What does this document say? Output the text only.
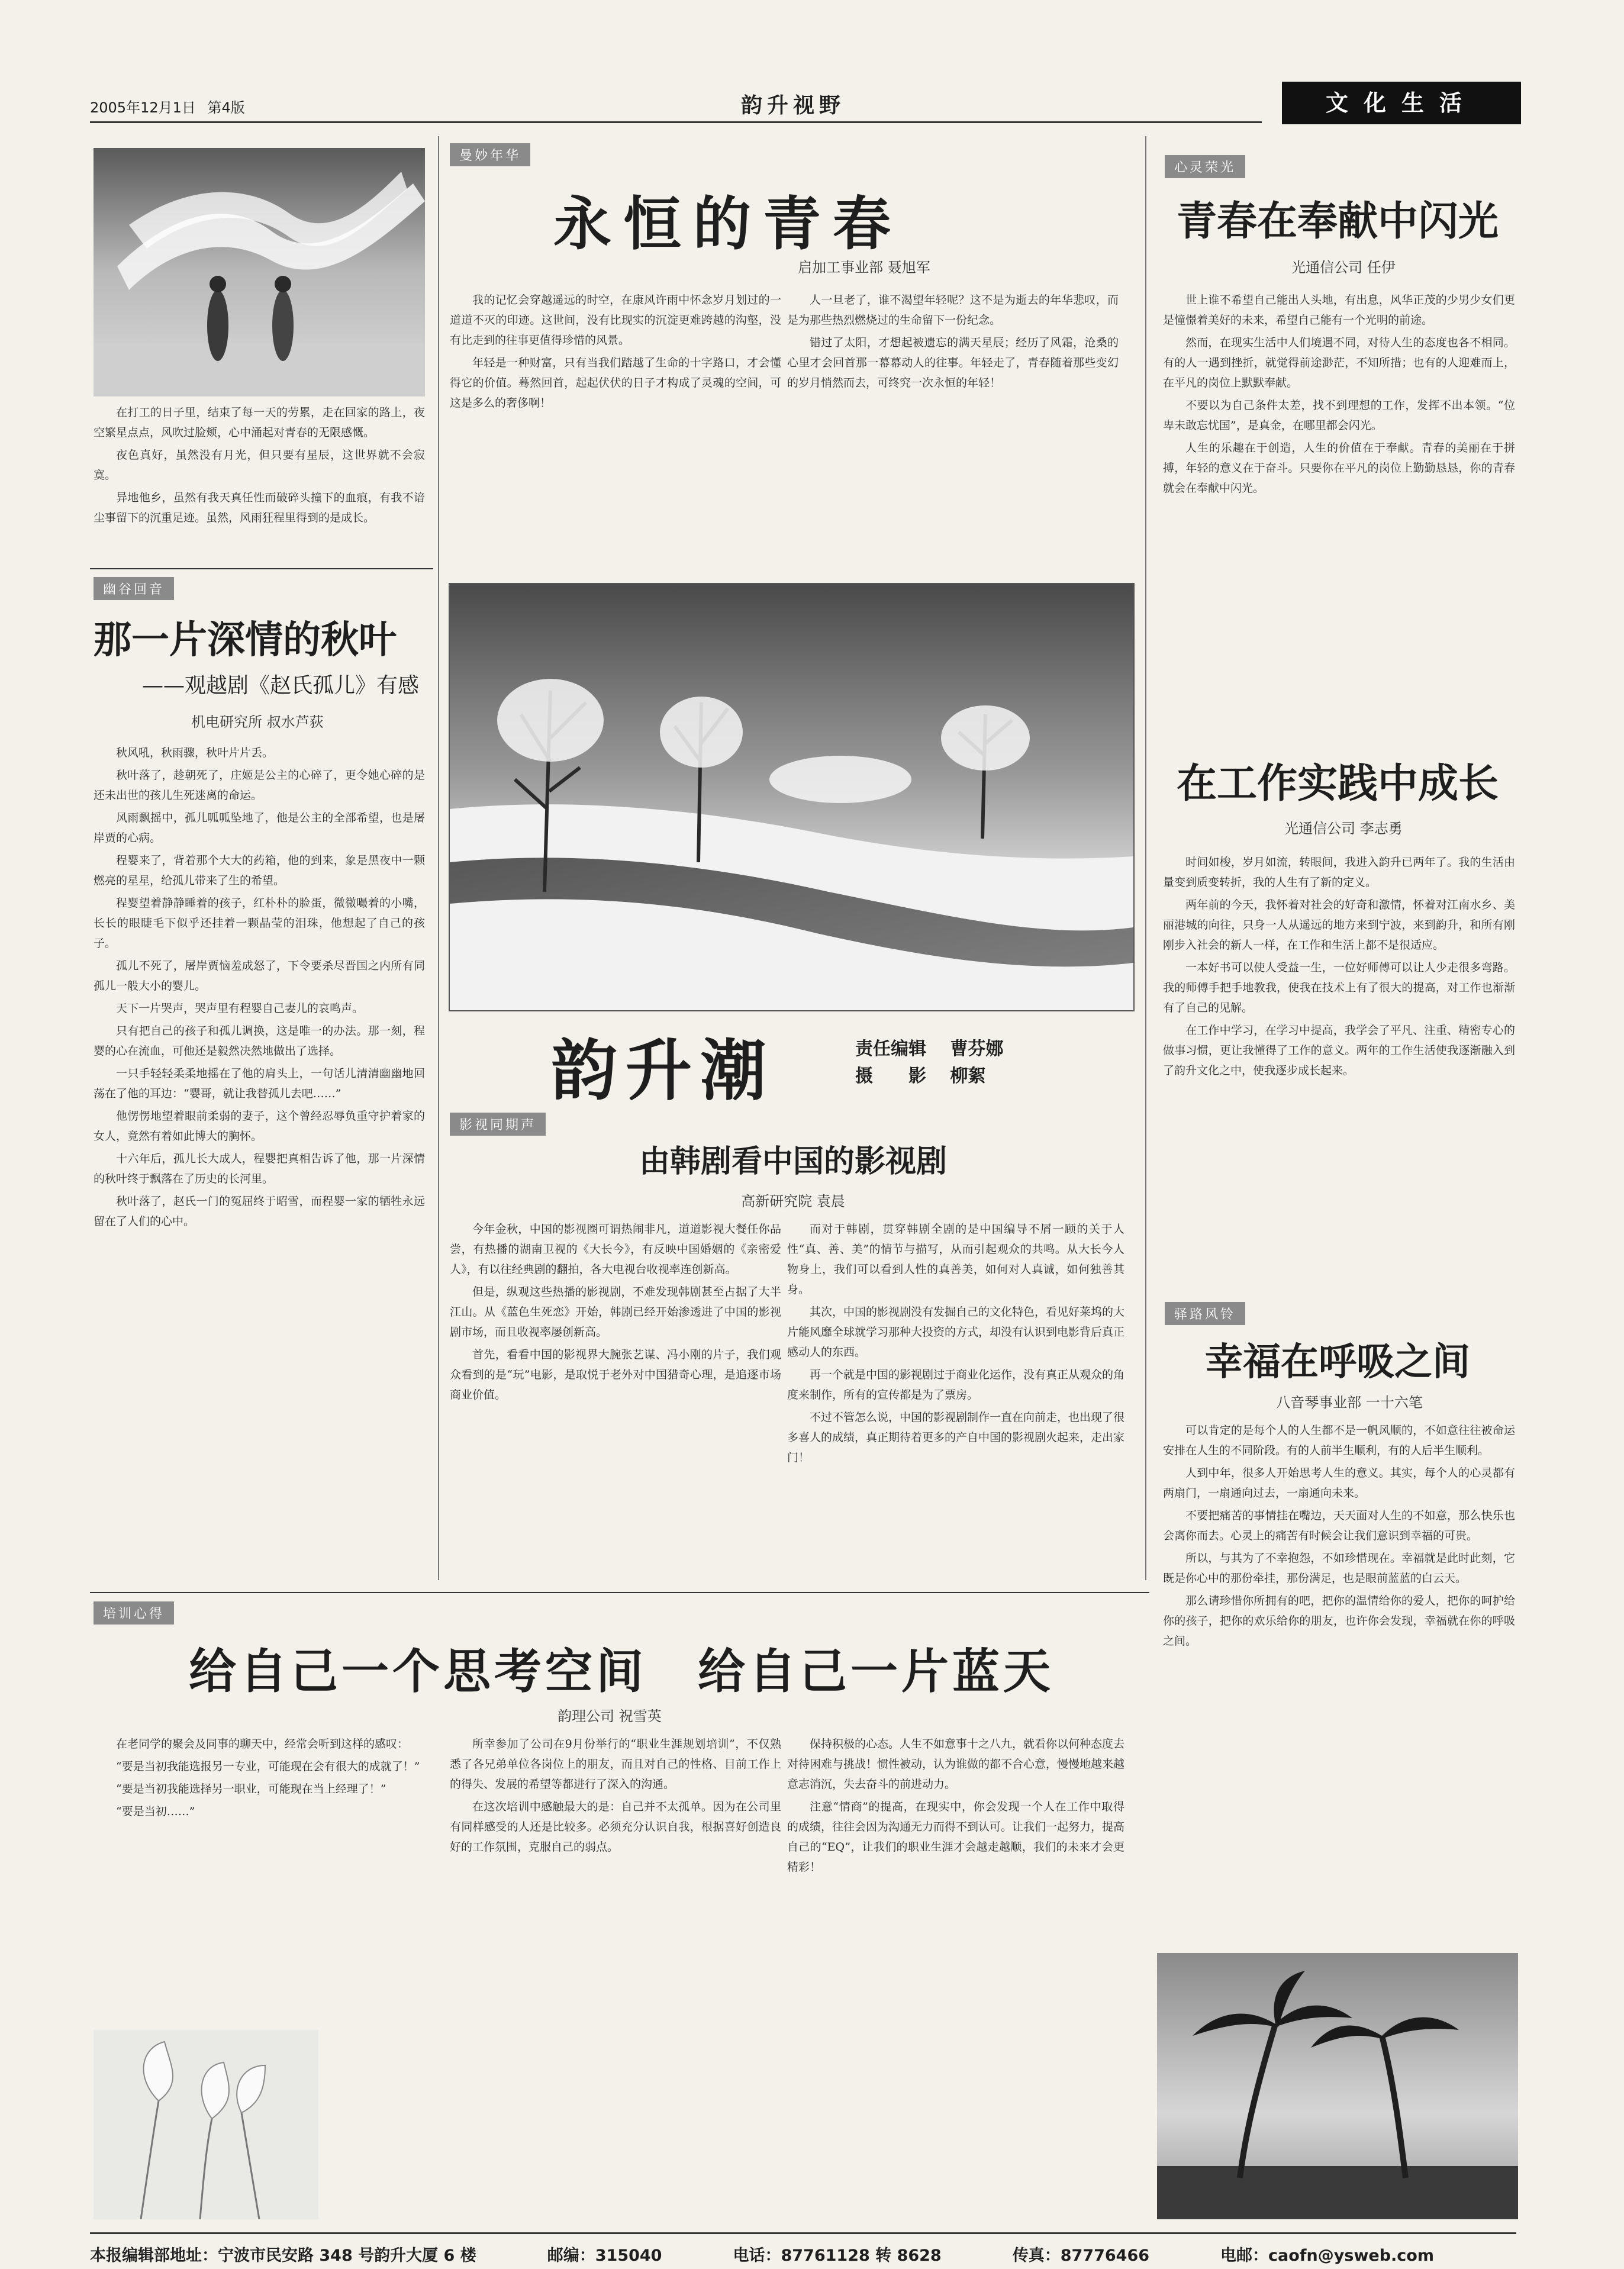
2005年12月1日 第4版	韵升视野	文化生活
曼妙年华
永恒的青春
启加工事业部 聂旭军

在打工的日子里，结束了每一天的劳累，走在回家的路上，夜空繁星点点，风吹过脸颊，心中涌起对青春的无限感慨。

夜色真好，虽然没有月光，但只要有星辰，这世界就不会寂寞。

异地他乡，虽然有我天真任性而破碎头撞下的血痕，有我不谙尘事留下的沉重足迹。虽然，风雨狂程里得到的是成长。

我的记忆会穿越遥远的时空，在康风许雨中怀念岁月划过的一道道不灭的印迹。这世间，没有比现实的沉淀更难跨越的沟壑，没有比走到的往事更值得珍惜的风景。

年轻是一种财富，只有当我们踏越了生命的十字路口，才会懂得它的价值。蓦然回首，起起伏伏的日子才构成了灵魂的空间，可这是多么的奢侈啊！

人一旦老了，谁不渴望年轻呢？这不是为逝去的年华悲叹，而是为那些热烈燃烧过的生命留下一份纪念。

错过了太阳，才想起被遗忘的满天星辰；经历了风霜，沧桑的心里才会回首那一幕幕动人的往事。年轻走了，青春随着那些变幻的岁月悄然而去，可终究一次永恒的年轻！

心灵荣光
青春在奉献中闪光
光通信公司 任伊

世上谁不希望自己能出人头地，有出息，风华正茂的少男少女们更是憧憬着美好的未来，希望自己能有一个光明的前途。

然而，在现实生活中人们境遇不同，对待人生的态度也各不相同。有的人一遇到挫折，就觉得前途渺茫，不知所措；也有的人迎难而上，在平凡的岗位上默默奉献。

不要以为自己条件太差，找不到理想的工作，发挥不出本领。“位卑未敢忘忧国”，是真金，在哪里都会闪光。

人生的乐趣在于创造，人生的价值在于奉献。青春的美丽在于拼搏，年轻的意义在于奋斗。只要你在平凡的岗位上勤勤恳恳，你的青春就会在奉献中闪光。

在工作实践中成长
光通信公司 李志勇

时间如梭，岁月如流，转眼间，我进入韵升已两年了。我的生活由量变到质变转折，我的人生有了新的定义。

两年前的今天，我怀着对社会的好奇和激情，怀着对江南水乡、美丽港城的向往，只身一人从遥远的地方来到宁波，来到韵升，和所有刚刚步入社会的新人一样，在工作和生活上都不是很适应。

一本好书可以使人受益一生，一位好师傅可以让人少走很多弯路。我的师傅手把手地教我，使我在技术上有了很大的提高，对工作也渐渐有了自己的见解。

在工作中学习，在学习中提高，我学会了平凡、注重、精密专心的做事习惯，更让我懂得了工作的意义。两年的工作生活使我逐渐融入到了韵升文化之中，使我逐步成长起来。

幽谷回音
那一片深情的秋叶
——观越剧《赵氏孤儿》有感
机电研究所 叔水芦荻

秋风吼，秋雨骤，秋叶片片丢。

秋叶落了，趁朝死了，庄姬是公主的心碎了，更令她心碎的是还未出世的孩儿生死迷离的命运。

风雨飘摇中，孤儿呱呱坠地了，他是公主的全部希望，也是屠岸贾的心病。

程婴来了，背着那个大大的药箱，他的到来，象是黑夜中一颗燃亮的星星，给孤儿带来了生的希望。

程婴望着静静睡着的孩子，红朴朴的脸蛋，微微嘬着的小嘴，长长的眼睫毛下似乎还挂着一颗晶莹的泪珠，他想起了自己的孩子。

孤儿不死了，屠岸贾恼羞成怒了，下令要杀尽晋国之内所有同孤儿一般大小的婴儿。

天下一片哭声，哭声里有程婴自己妻儿的哀鸣声。

只有把自己的孩子和孤儿调换，这是唯一的办法。那一刻，程婴的心在流血，可他还是毅然决然地做出了选择。

一只手轻轻柔柔地摇在了他的肩头上，一句话儿清清幽幽地回荡在了他的耳边：“婴哥，就让我替孤儿去吧……”

他愣愣地望着眼前柔弱的妻子，这个曾经忍辱负重守护着家的女人，竟然有着如此博大的胸怀。

十六年后，孤儿长大成人，程婴把真相告诉了他，那一片深情的秋叶终于飘落在了历史的长河里。

秋叶落了，赵氏一门的冤屈终于昭雪，而程婴一家的牺牲永远留在了人们的心中。

韵升潮	责任编辑 曹芬娜
摄　　影 柳絮
影视同期声
由韩剧看中国的影视剧
高新研究院 袁晨

今年金秋，中国的影视圈可谓热闹非凡，道道影视大餐任你品尝，有热播的湖南卫视的《大长今》，有反映中国婚姻的《亲密爱人》，有以往经典剧的翻拍，各大电视台收视率连创新高。

但是，纵观这些热播的影视剧，不难发现韩剧甚至占据了大半江山。从《蓝色生死恋》开始，韩剧已经开始渗透进了中国的影视剧市场，而且收视率屡创新高。

首先，看看中国的影视界大腕张艺谋、冯小刚的片子，我们观众看到的是“玩”电影，是取悦于老外对中国猎奇心理，是追逐市场商业价值。

而对于韩剧，贯穿韩剧全剧的是中国编导不屑一顾的关于人性“真、善、美”的情节与描写，从而引起观众的共鸣。从大长今人物身上，我们可以看到人性的真善美，如何对人真诚，如何独善其身。

其次，中国的影视剧没有发掘自己的文化特色，看见好莱坞的大片能风靡全球就学习那种大投资的方式，却没有认识到电影背后真正感动人的东西。

再一个就是中国的影视剧过于商业化运作，没有真正从观众的角度来制作，所有的宣传都是为了票房。

不过不管怎么说，中国的影视剧制作一直在向前走，也出现了很多喜人的成绩，真正期待着更多的产自中国的影视剧火起来，走出家门！

驿路风铃
幸福在呼吸之间
八音琴事业部 一十六笔

可以肯定的是每个人的人生都不是一帆风顺的，不如意往往被命运安排在人生的不同阶段。有的人前半生顺利，有的人后半生顺利。

人到中年，很多人开始思考人生的意义。其实，每个人的心灵都有两扇门，一扇通向过去，一扇通向未来。

不要把痛苦的事情挂在嘴边，天天面对人生的不如意，那么快乐也会离你而去。心灵上的痛苦有时候会让我们意识到幸福的可贵。

所以，与其为了不幸抱怨，不如珍惜现在。幸福就是此时此刻，它既是你心中的那份牵挂，那份满足，也是眼前蓝蓝的白云天。

那么请珍惜你所拥有的吧，把你的温情给你的爱人，把你的呵护给你的孩子，把你的欢乐给你的朋友，也许你会发现，幸福就在你的呼吸之间。

培训心得
给自己一个思考空间　给自己一片蓝天
韵理公司 祝雪英

在老同学的聚会及同事的聊天中，经常会听到这样的感叹：

“要是当初我能选报另一专业，可能现在会有很大的成就了！”

“要是当初我能选择另一职业，可能现在当上经理了！”

“要是当初……”

所幸参加了公司在9月份举行的“职业生涯规划培训”，不仅熟悉了各兄弟单位各岗位上的朋友，而且对自己的性格、目前工作上的得失、发展的希望等都进行了深入的沟通。

在这次培训中感触最大的是：自己并不太孤单。因为在公司里有同样感受的人还是比较多。必须充分认识自我，根据喜好创造良好的工作氛围，克服自己的弱点。

保持积极的心态。人生不如意事十之八九，就看你以何种态度去对待困难与挑战！惯性被动，认为谁做的都不合心意，慢慢地越来越意志消沉，失去奋斗的前进动力。

注意“情商”的提高，在现实中，你会发现一个人在工作中取得的成绩，往往会因为沟通无力而得不到认可。让我们一起努力，提高自己的“EQ”，让我们的职业生涯才会越走越顺，我们的未来才会更精彩！

本报编辑部地址：宁波市民安路 348 号韵升大厦 6 楼	邮编：315040	电话：87761128 转 8628	传真：87776466	电邮：caofn@ysweb.com
